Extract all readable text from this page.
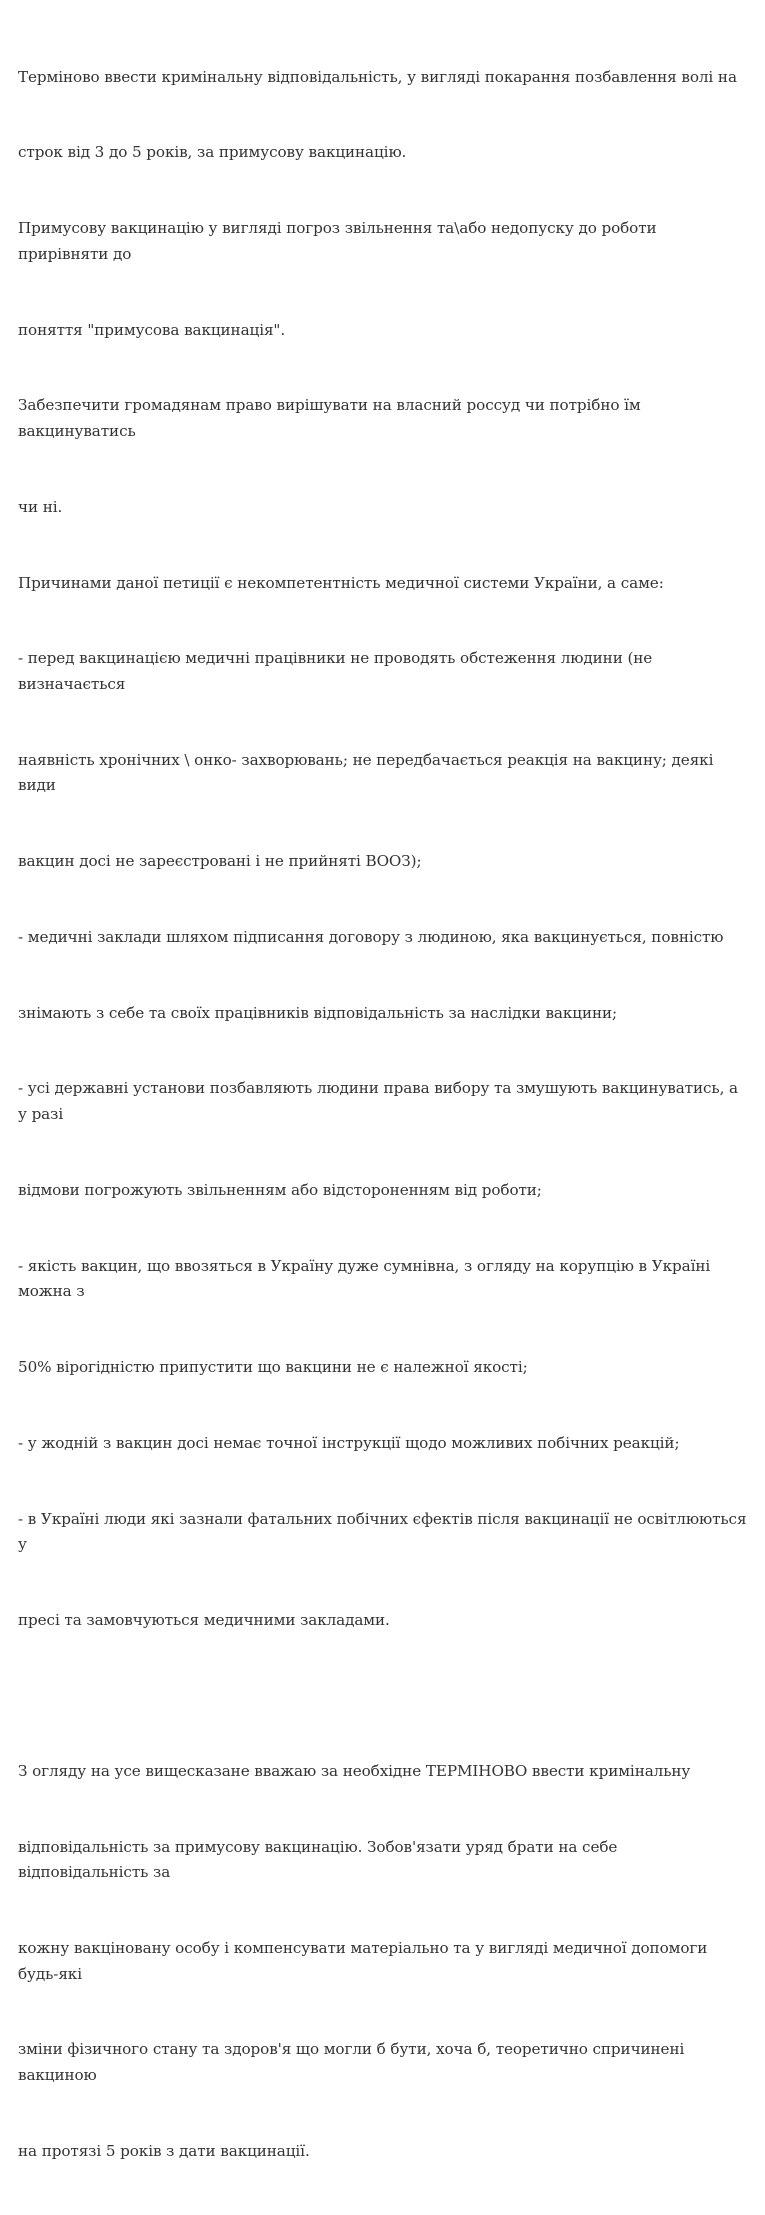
Терміново ввести кримінальну відповідальність, у вигляді покарання позбавлення волі на

строк від 3 до 5 років, за примусову вакцинацію.

Примусову вакцинацію у вигляді погроз звільнення та\або недопуску до роботи прирівняти до

поняття "примусова вакцинація".

Забезпечити громадянам право вирішувати на власний россуд чи потрібно їм вакцинуватись

чи ні.

Причинами даної петиції є некомпетентність медичної системи України, а саме:

- перед вакцинацією медичні працівники не проводять обстеження людини (не визначається

наявність хронічних \ онко- захворювань; не передбачається реакція на вакцину; деякі види

вакцин досі не зареєстровані і не прийняті ВООЗ);

- медичні заклади шляхом підписання договору з людиною, яка вакцинується, повністю

знімають з себе та своїх працівників відповідальність за наслідки вакцини;

- усі державні установи позбавляють людини права вибору та змушують вакцинуватись, а у разі

відмови погрожують звільненням або відстороненням від роботи;

- якість вакцин, що ввозяться в Україну дуже сумнівна, з огляду на корупцію в Україні можна з

50% вірогідністю припустити що вакцини не є належної якості;

- у жодній з вакцин досі немає точної інструкції щодо можливих побічних реакцій;

- в Україні люди які зазнали фатальних побічних єфектів після вакцинації не освітлюються у

пресі та замовчуються медичними закладами.

З огляду на усе вищесказане вважаю за необхідне ТЕРМІНОВО ввести кримінальну

відповідальність за примусову вакцинацію. Зобов'язати уряд брати на себе відповідальність за

кожну вакціновану особу і компенсувати матеріально та у вигляді медичної допомоги будь-які

зміни фізичного стану та здоров'я що могли б бути, хоча б, теоретично спричинені вакциною

на протязі 5 років з дати вакцинації.
